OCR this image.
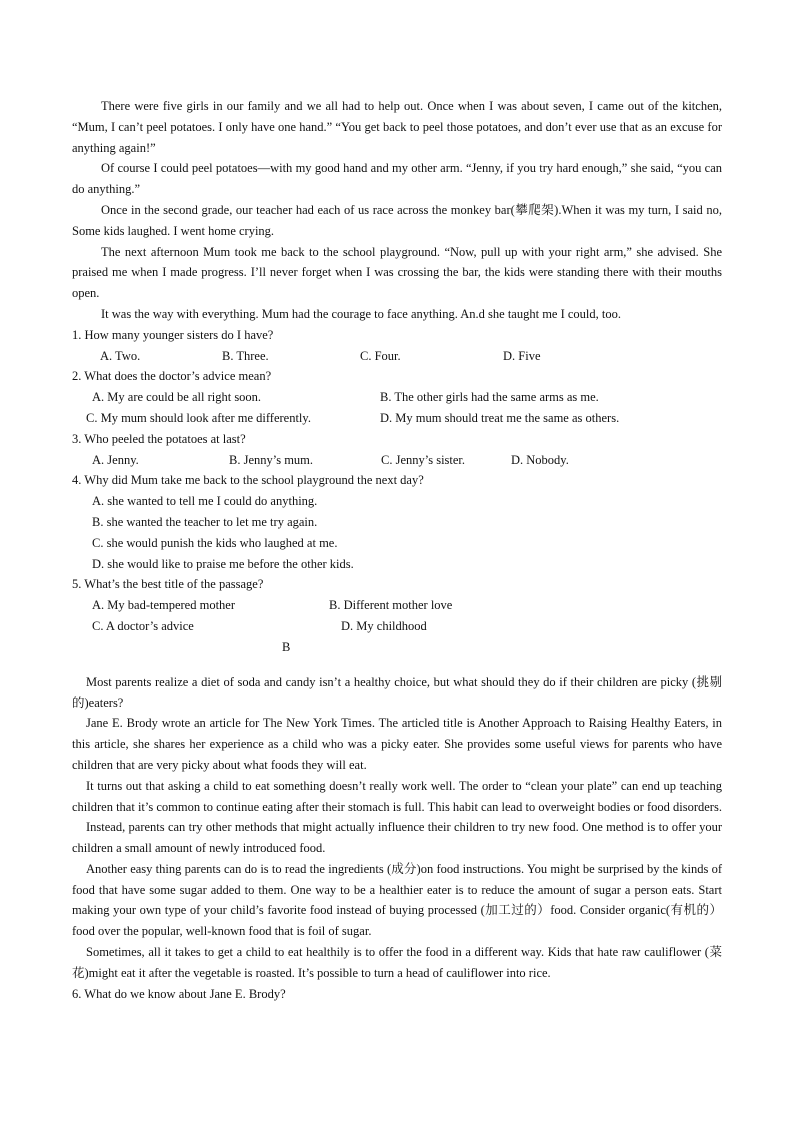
There were five girls in our family and we all had to help out. Once when I was about seven, I came out of the kitchen, “Mum, I can’t peel potatoes. I only have one hand.” “You get back to peel those potatoes, and don’t ever use that as an excuse for anything again!”

Of course I could peel potatoes—with my good hand and my other arm. “Jenny, if you try hard enough,” she said, “you can do anything.”

Once in the second grade, our teacher had each of us race across the monkey bar(攀爬架).When it was my turn, I said no, Some kids laughed. I went home crying.

The next afternoon Mum took me back to the school playground. “Now, pull up with your right arm,” she advised. She praised me when I made progress. I’ll never forget when I was crossing the bar, the kids were standing there with their mouths open.

It was the way with everything. Mum had the courage to face anything. An.d she taught me I could, too.

1. How many younger sisters do I have?

A. Two.	B. Three.	C. Four.	D. Five

2. What does the doctor’s advice mean?

A. My are could be all right soon.	B. The other girls had the same arms as me.
C. My mum should look after me differently.	D. My mum should treat me the same as others.

3. Who peeled the potatoes at last?

A. Jenny.	B. Jenny’s mum.	C. Jenny’s sister.	D. Nobody.

4. Why did Mum take me back to the school playground the next day?

A. she wanted to tell me I could do anything.

B. she wanted the teacher to let me try again.

C. she would punish the kids who laughed at me.

D. she would like to praise me before the other kids.

5. What’s the best title of the passage?

A. My bad-tempered mother	B. Different mother love
C. A doctor’s advice	D. My childhood

B

Most parents realize a diet of soda and candy isn’t a healthy choice, but what should they do if their children are picky (挑剔的)eaters?

Jane E. Brody wrote an article for The New York Times. The articled title is Another Approach to Raising Healthy Eaters, in this article, she shares her experience as a child who was a picky eater. She provides some useful views for parents who have children that are very picky about what foods they will eat.

It turns out that asking a child to eat something doesn’t really work well. The order to “clean your plate” can end up teaching children that it’s common to continue eating after their stomach is full. This habit can lead to overweight bodies or food disorders.

Instead, parents can try other methods that might actually influence their children to try new food. One method is to offer your children a small amount of newly introduced food.

Another easy thing parents can do is to read the ingredients (成分)on food instructions. You might be surprised by the kinds of food that have some sugar added to them. One way to be a healthier eater is to reduce the amount of sugar a person eats. Start making your own type of your child’s favorite food instead of buying processed (加工过的）food. Consider organic(有机的）food over the popular, well-known food that is foil of sugar.

Sometimes, all it takes to get a child to eat healthily is to offer the food in a different way. Kids that hate raw cauliflower (菜花)might eat it after the vegetable is roasted. It’s possible to turn a head of cauliflower into rice.

6. What do we know about Jane E. Brody?
